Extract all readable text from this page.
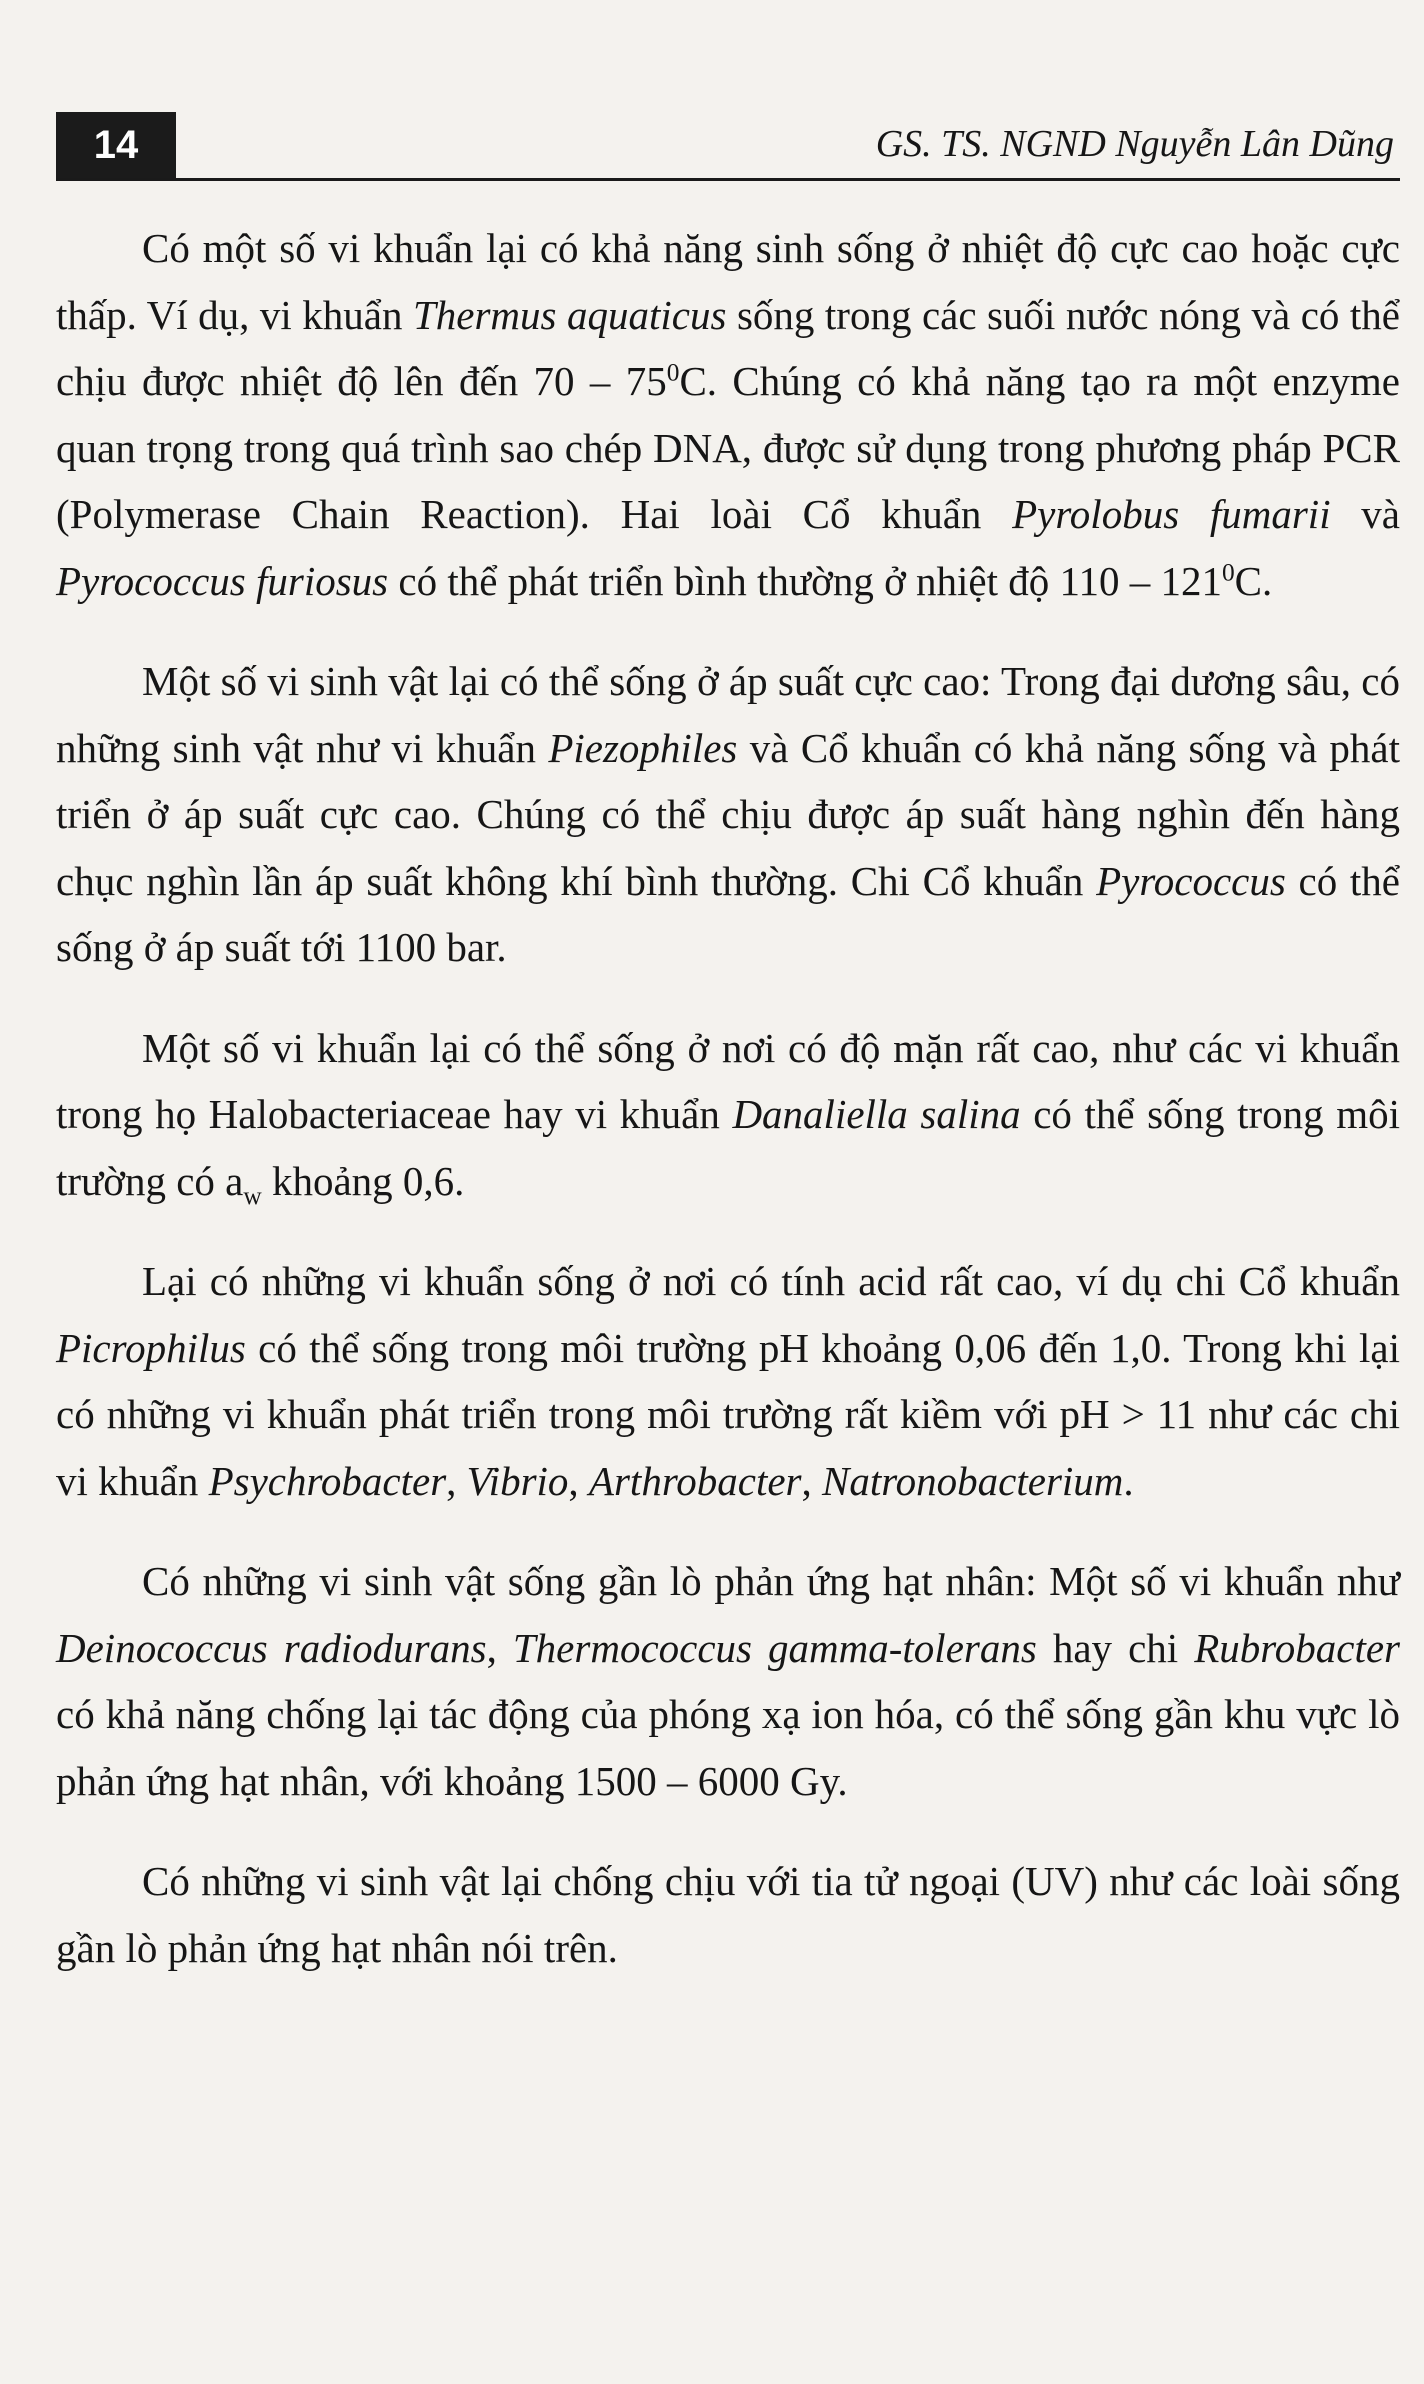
14	GS. TS. NGND Nguyễn Lân Dũng

Có một số vi khuẩn lại có khả năng sinh sống ở nhiệt độ cực cao hoặc cực thấp. Ví dụ, vi khuẩn Thermus aquaticus sống trong các suối nước nóng và có thể chịu được nhiệt độ lên đến $70 - 75^0C$. Chúng có khả năng tạo ra một enzyme quan trọng trong quá trình sao chép DNA, được sử dụng trong phương pháp PCR (Polymerase Chain Reaction). Hai loài Cổ khuẩn Pyrolobus fumarii và Pyrococcus furiosus có thể phát triển bình thường ở nhiệt độ $110 - 121^0C$.

Một số vi sinh vật lại có thể sống ở áp suất cực cao: Trong đại dương sâu, có những sinh vật như vi khuẩn Piezophiles và Cổ khuẩn có khả năng sống và phát triển ở áp suất cực cao. Chúng có thể chịu được áp suất hàng nghìn đến hàng chục nghìn lần áp suất không khí bình thường. Chi Cổ khuẩn Pyrococcus có thể sống ở áp suất tới 1100 bar.

Một số vi khuẩn lại có thể sống ở nơi có độ mặn rất cao, như các vi khuẩn trong họ Halobacteriaceae hay vi khuẩn Danaliella salina có thể sống trong môi trường có $a_w$ khoảng 0,6.

Lại có những vi khuẩn sống ở nơi có tính acid rất cao, ví dụ chi Cổ khuẩn Picrophilus có thể sống trong môi trường pH khoảng 0,06 đến 1,0. Trong khi lại có những vi khuẩn phát triển trong môi trường rất kiềm với pH > 11 như các chi vi khuẩn Psychrobacter, Vibrio, Arthrobacter, Natronobacterium.

Có những vi sinh vật sống gần lò phản ứng hạt nhân: Một số vi khuẩn như Deinococcus radiodurans, Thermococcus gamma-tolerans hay chi Rubrobacter có khả năng chống lại tác động của phóng xạ ion hóa, có thể sống gần khu vực lò phản ứng hạt nhân, với khoảng 1500 – 6000 Gy.

Có những vi sinh vật lại chống chịu với tia tử ngoại (UV) như các loài sống gần lò phản ứng hạt nhân nói trên.
